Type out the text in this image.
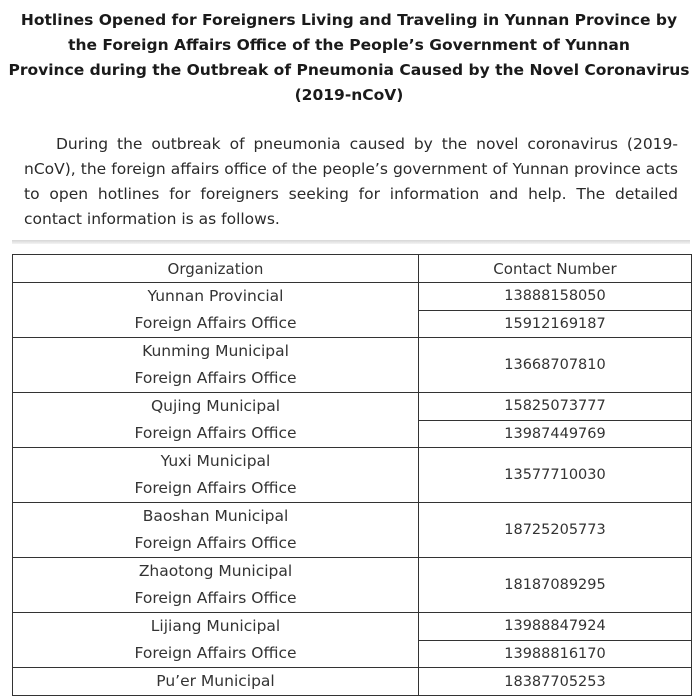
Hotlines Opened for Foreigners Living and Traveling in Yunnan Province by
the Foreign Affairs Office of the People’s Government of Yunnan
Province during the Outbreak of Pneumonia Caused by the Novel Coronavirus
(2019-nCoV)
During the outbreak of pneumonia caused by the novel coronavirus (2019-nCoV), the foreign affairs office of the people’s government of Yunnan province acts to open hotlines for foreigners seeking for information and help. The detailed contact information is as follows.
Organization	Contact Number

Yunnan Provincial
Foreign Affairs Office	13888158050
	15912169187

Kunming Municipal
Foreign Affairs Office	13668707810

Qujing Municipal
Foreign Affairs Office	15825073777
	13987449769

Yuxi Municipal
Foreign Affairs Office	13577710030

Baoshan Municipal
Foreign Affairs Office	18725205773

Zhaotong Municipal
Foreign Affairs Office	18187089295

Lijiang Municipal
Foreign Affairs Office	13988847924
	13988816170

Pu’er Municipal	18387705253
